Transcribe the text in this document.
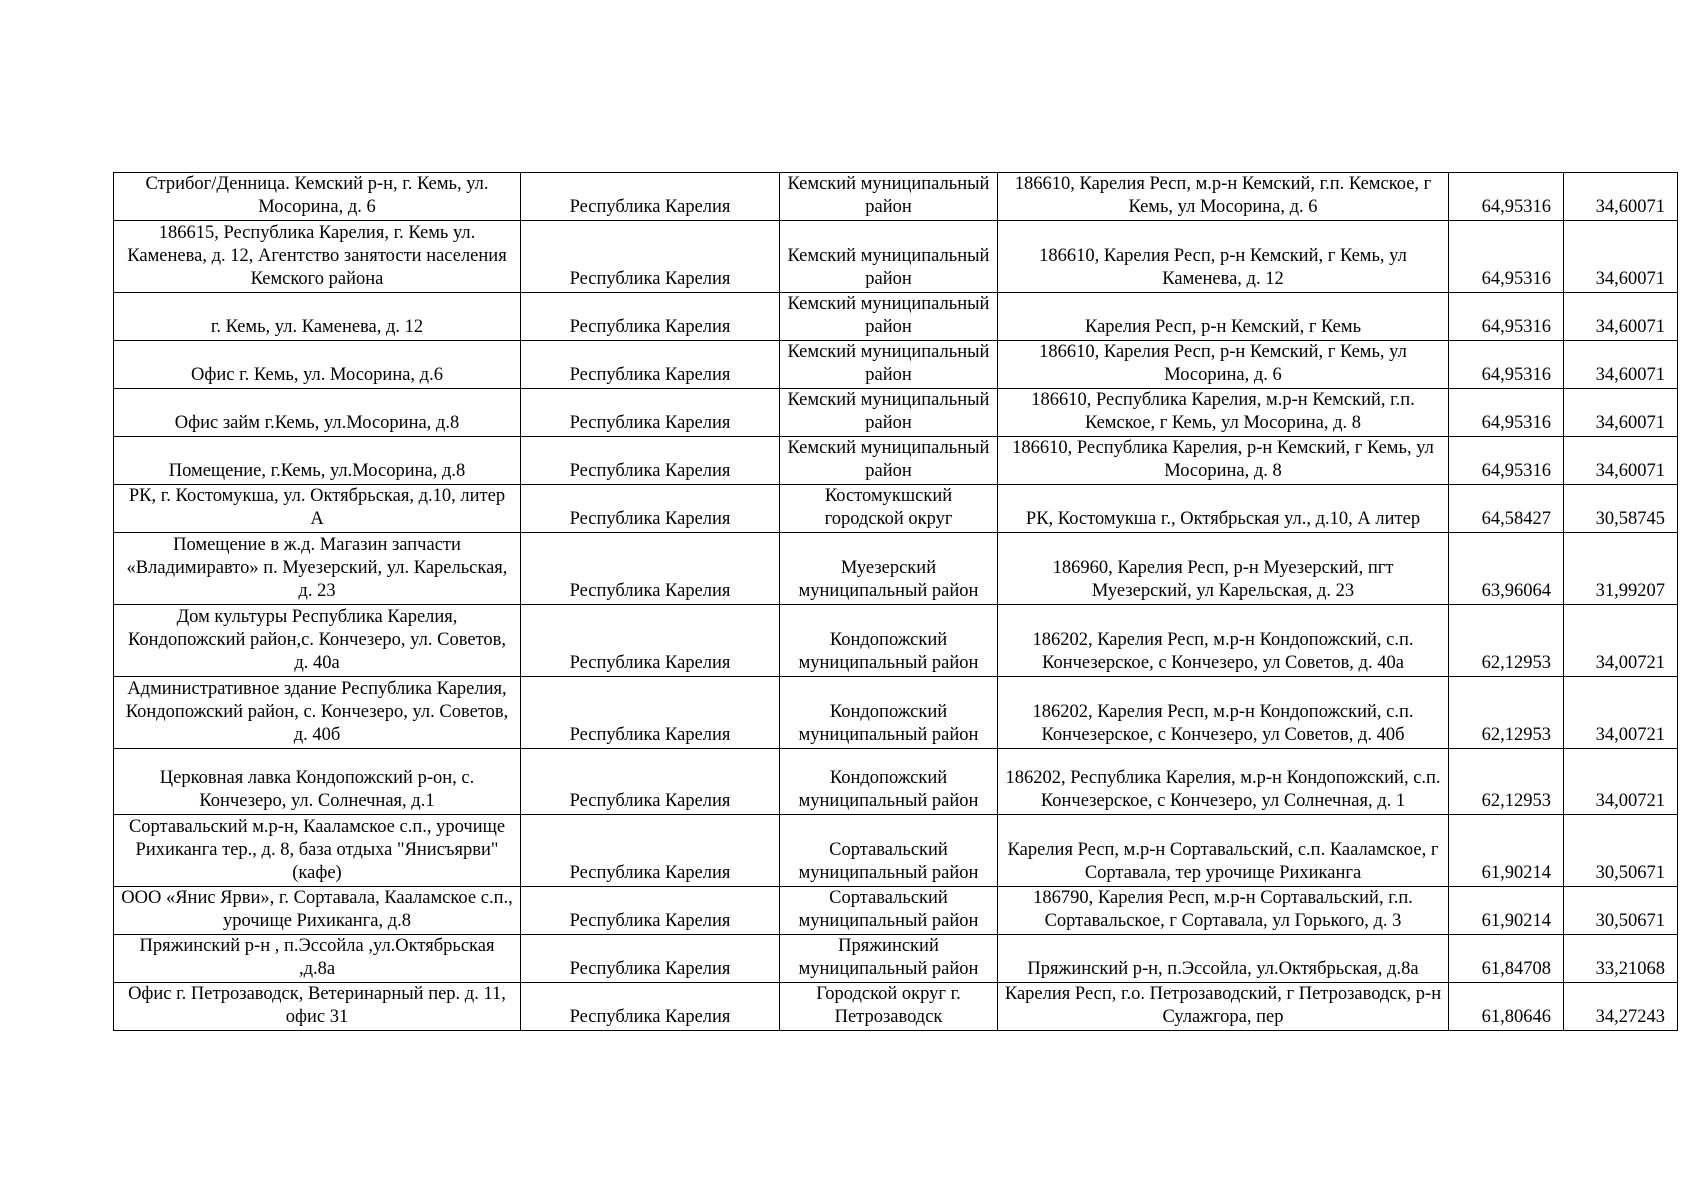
Стрибог/Денница. Кемский р-н, г. Кемь, ул. Мосорина, д. 6	Республика Карелия	Кемский муниципальный район	186610, Карелия Респ, м.р-н Кемский, г.п. Кемское, г Кемь, ул Мосорина, д. 6	64,95316	34,60071
186615, Республика Карелия, г. Кемь ул. Каменева, д. 12, Агентство занятости населения Кемского района	Республика Карелия	Кемский муниципальный район	186610, Карелия Респ, р-н Кемский, г Кемь, ул Каменева, д. 12	64,95316	34,60071
г. Кемь, ул. Каменева, д. 12	Республика Карелия	Кемский муниципальный район	Карелия Респ, р-н Кемский, г Кемь	64,95316	34,60071
Офис г. Кемь, ул. Мосорина, д.6	Республика Карелия	Кемский муниципальный район	186610, Карелия Респ, р-н Кемский, г Кемь, ул Мосорина, д. 6	64,95316	34,60071
Офис займ г.Кемь, ул.Мосорина, д.8	Республика Карелия	Кемский муниципальный район	186610, Республика Карелия, м.р-н Кемский, г.п. Кемское, г Кемь, ул Мосорина, д. 8	64,95316	34,60071
Помещение, г.Кемь, ул.Мосорина, д.8	Республика Карелия	Кемский муниципальный район	186610, Республика Карелия, р-н Кемский, г Кемь, ул Мосорина, д. 8	64,95316	34,60071
РК, г. Костомукша, ул. Октябрьская, д.10, литер А	Республика Карелия	Костомукшский городской округ	РК, Костомукша г., Октябрьская ул., д.10, А литер	64,58427	30,58745
Помещение в ж.д. Магазин запчасти «Владимиравто» п. Муезерский, ул. Карельская, д. 23	Республика Карелия	Муезерский муниципальный район	186960, Карелия Респ, р-н Муезерский, пгт Муезерский, ул Карельская, д. 23	63,96064	31,99207
Дом культуры Республика Карелия, Кондопожский район,с. Кончезеро, ул. Советов, д. 40а	Республика Карелия	Кондопожский муниципальный район	186202, Карелия Респ, м.р-н Кондопожский, с.п. Кончезерское, с Кончезеро, ул Советов, д. 40а	62,12953	34,00721
Административное здание Республика Карелия, Кондопожский район, с. Кончезеро, ул. Советов, д. 40б	Республика Карелия	Кондопожский муниципальный район	186202, Карелия Респ, м.р-н Кондопожский, с.п. Кончезерское, с Кончезеро, ул Советов, д. 40б	62,12953	34,00721
Церковная лавка Кондопожский р-он, с. Кончезеро, ул. Солнечная, д.1	Республика Карелия	Кондопожский муниципальный район	186202, Республика Карелия, м.р-н Кондопожский, с.п. Кончезерское, с Кончезеро, ул Солнечная, д. 1	62,12953	34,00721
Сортавальский м.р-н, Кааламское с.п., урочище Рихиканга тер., д. 8, база отдыха "Янисъярви" (кафе)	Республика Карелия	Сортавальский муниципальный район	Карелия Респ, м.р-н Сортавальский, с.п. Кааламское, г Сортавала, тер урочище Рихиканга	61,90214	30,50671
ООО «Янис Ярви», г. Сортавала, Кааламское с.п., урочище Рихиканга, д.8	Республика Карелия	Сортавальский муниципальный район	186790, Карелия Респ, м.р-н Сортавальский, г.п. Сортавальское, г Сортавала, ул Горького, д. 3	61,90214	30,50671
Пряжинский р-н , п.Эссойла ,ул.Октябрьская ,д.8а	Республика Карелия	Пряжинский муниципальный район	Пряжинский р-н, п.Эссойла, ул.Октябрьская, д.8а	61,84708	33,21068
Офис г. Петрозаводск, Ветеринарный пер. д. 11, офис 31	Республика Карелия	Городской округ г. Петрозаводск	Карелия Респ, г.о. Петрозаводский, г Петрозаводск, р-н Сулажгора, пер	61,80646	34,27243
